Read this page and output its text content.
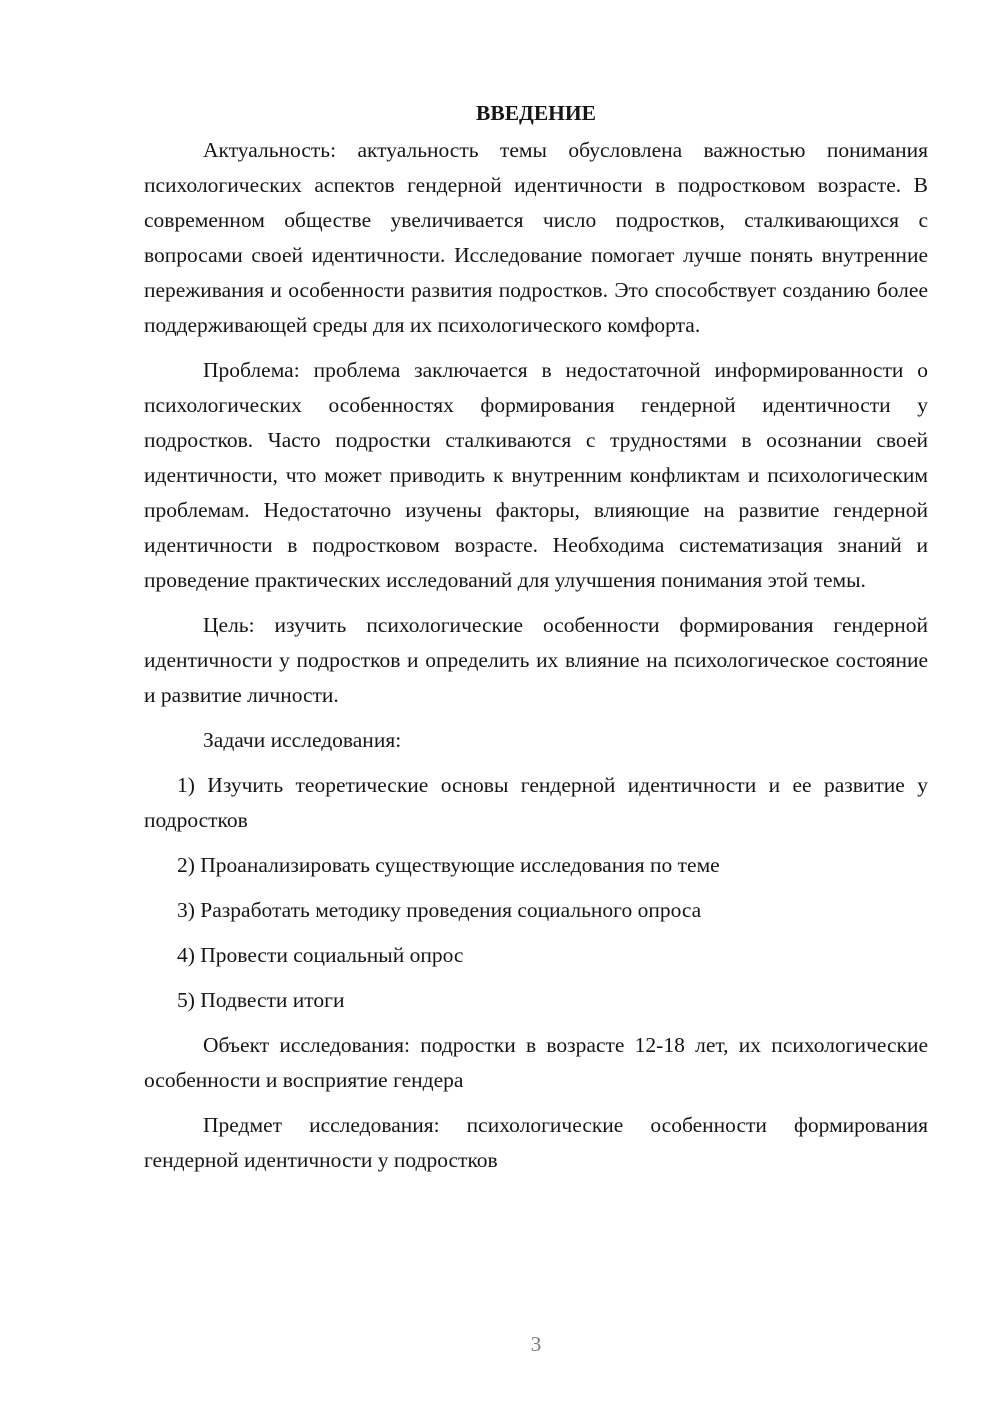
ВВЕДЕНИЕ

Актуальность: актуальность темы обусловлена важностью понимания психологических аспектов гендерной идентичности в подростковом возрасте. В современном обществе увеличивается число подростков, сталкивающихся с вопросами своей идентичности. Исследование помогает лучше понять внутренние переживания и особенности развития подростков. Это способствует созданию более поддерживающей среды для их психологического комфорта.

Проблема: проблема заключается в недостаточной информированности о психологических особенностях формирования гендерной идентичности у подростков. Часто подростки сталкиваются с трудностями в осознании своей идентичности, что может приводить к внутренним конфликтам и психологическим проблемам. Недостаточно изучены факторы, влияющие на развитие гендерной идентичности в подростковом возрасте. Необходима систематизация знаний и проведение практических исследований для улучшения понимания этой темы.

Цель: изучить психологические особенности формирования гендерной идентичности у подростков и определить их влияние на психологическое состояние и развитие личности.

Задачи исследования:

1) Изучить теоретические основы гендерной идентичности и ее развитие у подростков

2) Проанализировать существующие исследования по теме

3) Разработать методику проведения социального опроса

4) Провести социальный опрос

5) Подвести итоги

Объект исследования: подростки в возрасте 12-18 лет, их психологические особенности и восприятие гендера

Предмет исследования: психологические особенности формирования гендерной идентичности у подростков

3
